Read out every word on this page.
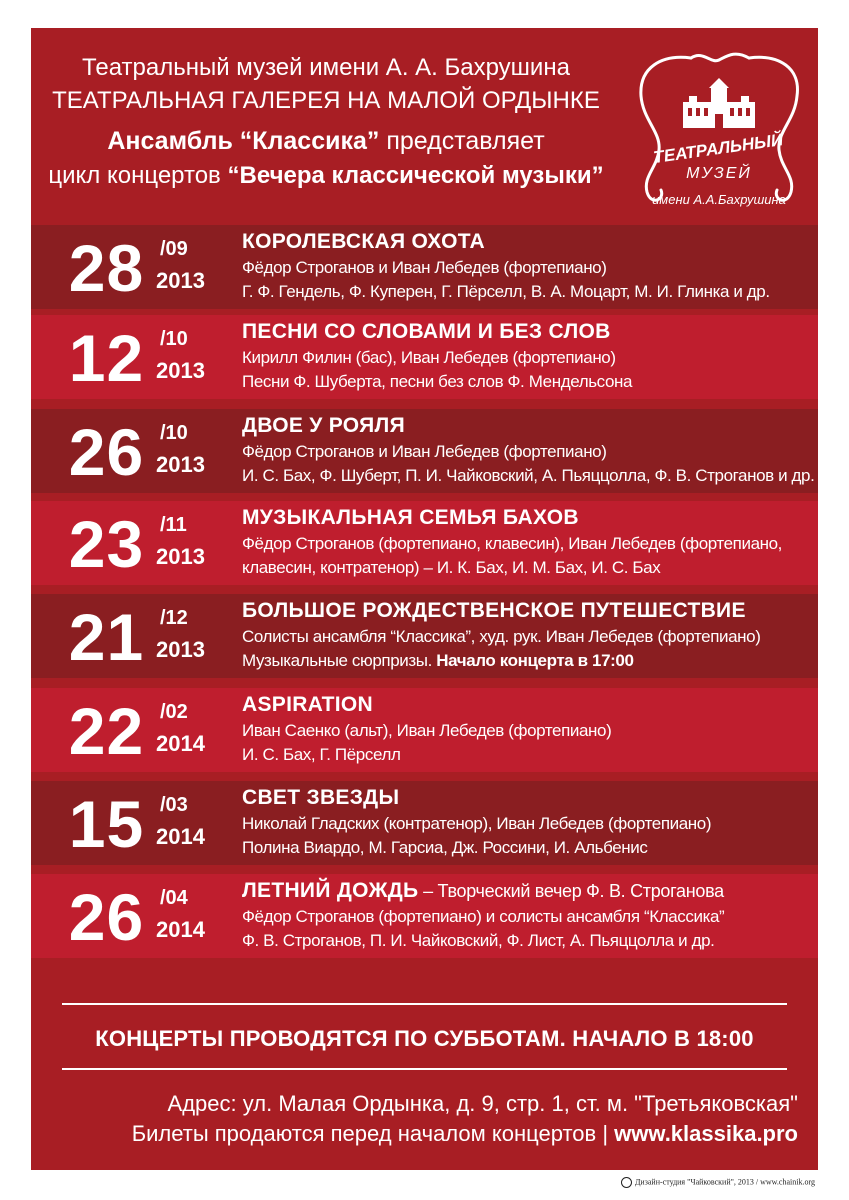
Театральный музей имени А. А. Бахрушина
ТЕАТРАЛЬНАЯ ГАЛЕРЕЯ НА МАЛОЙ ОРДЫНКЕ
Ансамбль “Классика” представляет
цикл концертов “Вечера классической музыки”
ТЕАТРАЛЬНЫЙ
МУЗЕЙ
имени А.А.Бахрушина
28 /09
2013
КОРОЛЕВСКАЯ ОХОТА
Фёдор Строганов и Иван Лебедев (фортепиано)
Г. Ф. Гендель, Ф. Куперен, Г. Пёрселл, В. А. Моцарт, М. И. Глинка и др.
12 /10
2013
ПЕСНИ СО СЛОВАМИ И БЕЗ СЛОВ
Кирилл Филин (бас), Иван Лебедев (фортепиано)
Песни Ф. Шуберта, песни без слов Ф. Мендельсона
26 /10
2013
ДВОЕ У РОЯЛЯ
Фёдор Строганов и Иван Лебедев (фортепиано)
И. С. Бах, Ф. Шуберт, П. И. Чайковский, А. Пьяццолла, Ф. В. Строганов и др.
23 /11
2013
МУЗЫКАЛЬНАЯ СЕМЬЯ БАХОВ
Фёдор Строганов (фортепиано, клавесин), Иван Лебедев (фортепиано,
клавесин, контратенор) – И. К. Бах, И. М. Бах, И. С. Бах
21 /12
2013
БОЛЬШОЕ РОЖДЕСТВЕНСКОЕ ПУТЕШЕСТВИЕ
Солисты ансамбля “Классика”, худ. рук. Иван Лебедев (фортепиано)
Музыкальные сюрпризы. Начало концерта в 17:00
22 /02
2014
ASPIRATION
Иван Саенко (альт), Иван Лебедев (фортепиано)
И. С. Бах, Г. Пёрселл
15 /03
2014
СВЕТ ЗВЕЗДЫ
Николай Гладских (контратенор), Иван Лебедев (фортепиано)
Полина Виардо, М. Гарсиа, Дж. Россини, И. Альбенис
26 /04
2014
ЛЕТНИЙ ДОЖДЬ – Творческий вечер Ф. В. Строганова
Фёдор Строганов (фортепиано) и солисты ансамбля “Классика”
Ф. В. Строганов, П. И. Чайковский, Ф. Лист, А. Пьяццолла и др.
КОНЦЕРТЫ ПРОВОДЯТСЯ ПО СУББОТАМ. НАЧАЛО В 18:00
Адрес: ул. Малая Ордынка, д. 9, стр. 1, ст. м. "Третьяковская"
Билеты продаются перед началом концертов | www.klassika.pro
Дизайн-студия "Чайковский", 2013 / www.chainik.org
